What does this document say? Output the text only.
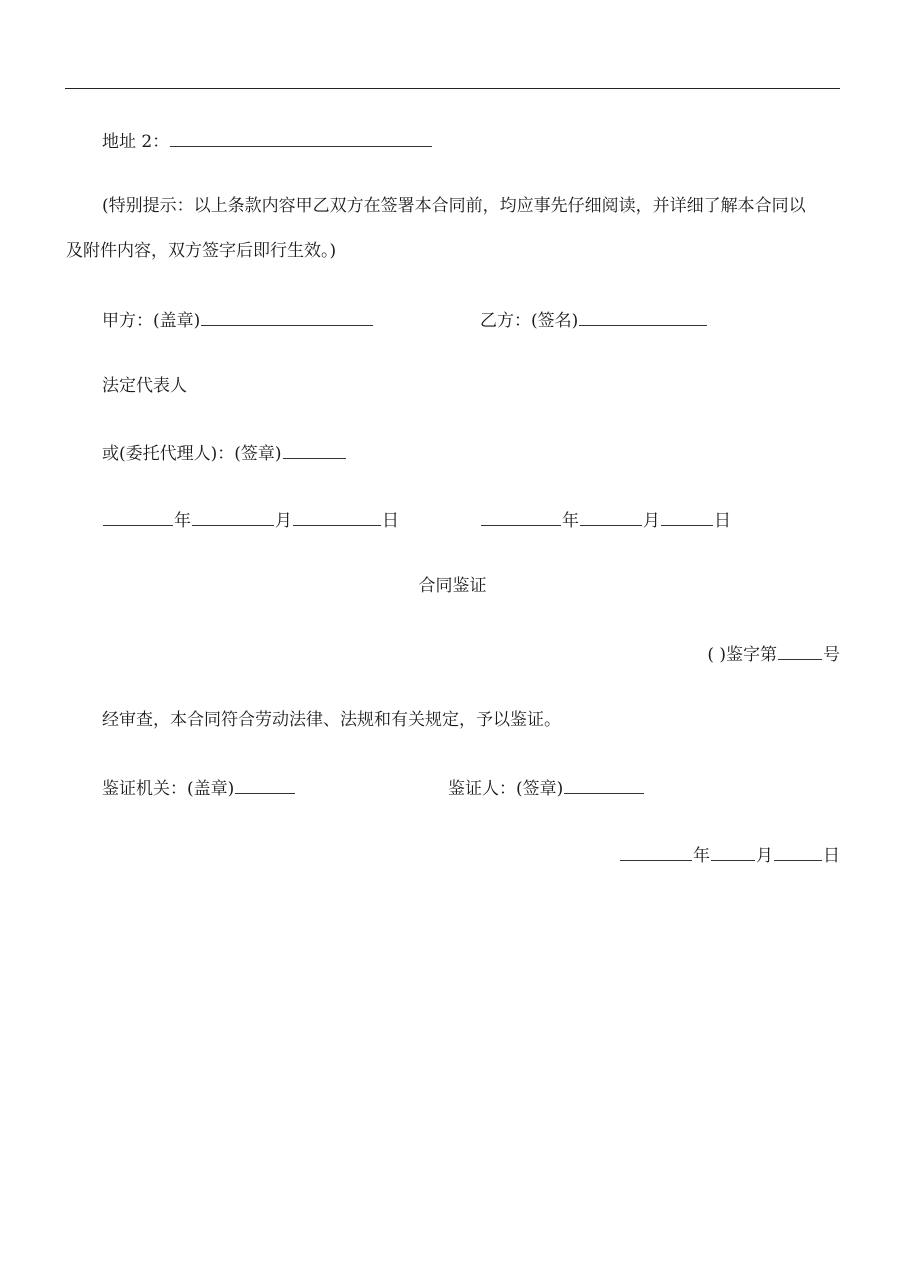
地址 2：
(特别提示：以上条款内容甲乙双方在签署本合同前，均应事先仔细阅读，并详细了解本合同以
及附件内容，双方签字后即行生效。)
甲方：(盖章)	乙方：(签名)
法定代表人
或(委托代理人)：(签章)
年	月	日	年	月	日
合同鉴证
( )鉴字第	号
经审查，本合同符合劳动法律、法规和有关规定，予以鉴证。
鉴证机关：(盖章)	鉴证人：(签章)
年	月	日
